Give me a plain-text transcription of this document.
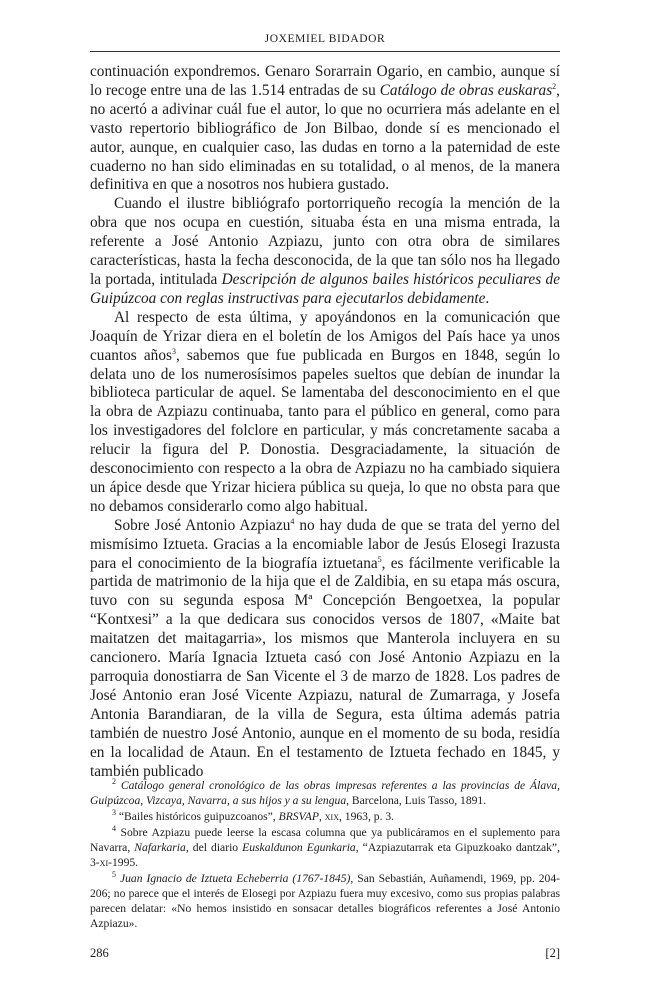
JOXEMIEL BIDADOR

continuación expondremos. Genaro Sorarrain Ogario, en cambio, aunque sí lo recoge entre una de las 1.514 entradas de su Catálogo de obras euskaras$^2$, no acertó a adivinar cuál fue el autor, lo que no ocurriera más adelante en el vasto repertorio bibliográfico de Jon Bilbao, donde sí es mencionado el autor, aunque, en cualquier caso, las dudas en torno a la paternidad de este cuaderno no han sido eliminadas en su totalidad, o al menos, de la manera definitiva en que a nosotros nos hubiera gustado.

Cuando el ilustre bibliógrafo portorriqueño recogía la mención de la obra que nos ocupa en cuestión, situaba ésta en una misma entrada, la referente a José Antonio Azpiazu, junto con otra obra de similares características, hasta la fecha desconocida, de la que tan sólo nos ha llegado la portada, intitulada Descripción de algunos bailes históricos peculiares de Guipúzcoa con reglas instructivas para ejecutarlos debidamente.

Al respecto de esta última, y apoyándonos en la comunicación que Joaquín de Yrizar diera en el boletín de los Amigos del País hace ya unos cuantos años$^3$, sabemos que fue publicada en Burgos en 1848, según lo delata uno de los numerosísimos papeles sueltos que debían de inundar la biblioteca particular de aquel. Se lamentaba del desconocimiento en el que la obra de Azpiazu continuaba, tanto para el público en general, como para los investigadores del folclore en particular, y más concretamente sacaba a relucir la figura del P. Donostia. Desgraciadamente, la situación de desconocimiento con respecto a la obra de Azpiazu no ha cambiado siquiera un ápice desde que Yrizar hiciera pública su queja, lo que no obsta para que no debamos considerarlo como algo habitual.

Sobre José Antonio Azpiazu$^4$ no hay duda de que se trata del yerno del mismísimo Iztueta. Gracias a la encomiable labor de Jesús Elosegi Irazusta para el conocimiento de la biografía iztuetana$^5$, es fácilmente verificable la partida de matrimonio de la hija que el de Zaldibia, en su etapa más oscura, tuvo con su segunda esposa Mª Concepción Bengoetxea, la popular “Kontxesi” a la que dedicara sus conocidos versos de 1807, «Maite bat maitatzen det maitagarria», los mismos que Manterola incluyera en su cancionero. María Ignacia Iztueta casó con José Antonio Azpiazu en la parroquia donostiarra de San Vicente el 3 de marzo de 1828. Los padres de José Antonio eran José Vicente Azpiazu, natural de Zumarraga, y Josefa Antonia Barandiaran, de la villa de Segura, esta última además patria también de nuestro José Antonio, aunque en el momento de su boda, residía en la localidad de Ataun. En el testamento de Iztueta fechado en 1845, y también publicado

$^2$ Catálogo general cronológico de las obras impresas referentes a las provincias de Álava, Guipúzcoa, Vizcaya, Navarra, a sus hijos y a su lengua, Barcelona, Luis Tasso, 1891.

$^3$ “Bailes históricos guipuzcoanos”, BRSVAP, xix, 1963, p. 3.

$^4$ Sobre Azpiazu puede leerse la escasa columna que ya publicáramos en el suplemento para Navarra, Nafarkaria, del diario Euskaldunon Egunkaria, “Azpiazutarrak eta Gipuzkoako dantzak”, 3-xi-1995.

$^5$ Juan Ignacio de Iztueta Echeberria (1767-1845), San Sebastián, Auñamendi, 1969, pp. 204-206; no parece que el interés de Elosegi por Azpiazu fuera muy excesivo, como sus propias palabras parecen delatar: «No hemos insistido en sonsacar detalles biográficos referentes a José Antonio Azpiazu».

286	[2]
